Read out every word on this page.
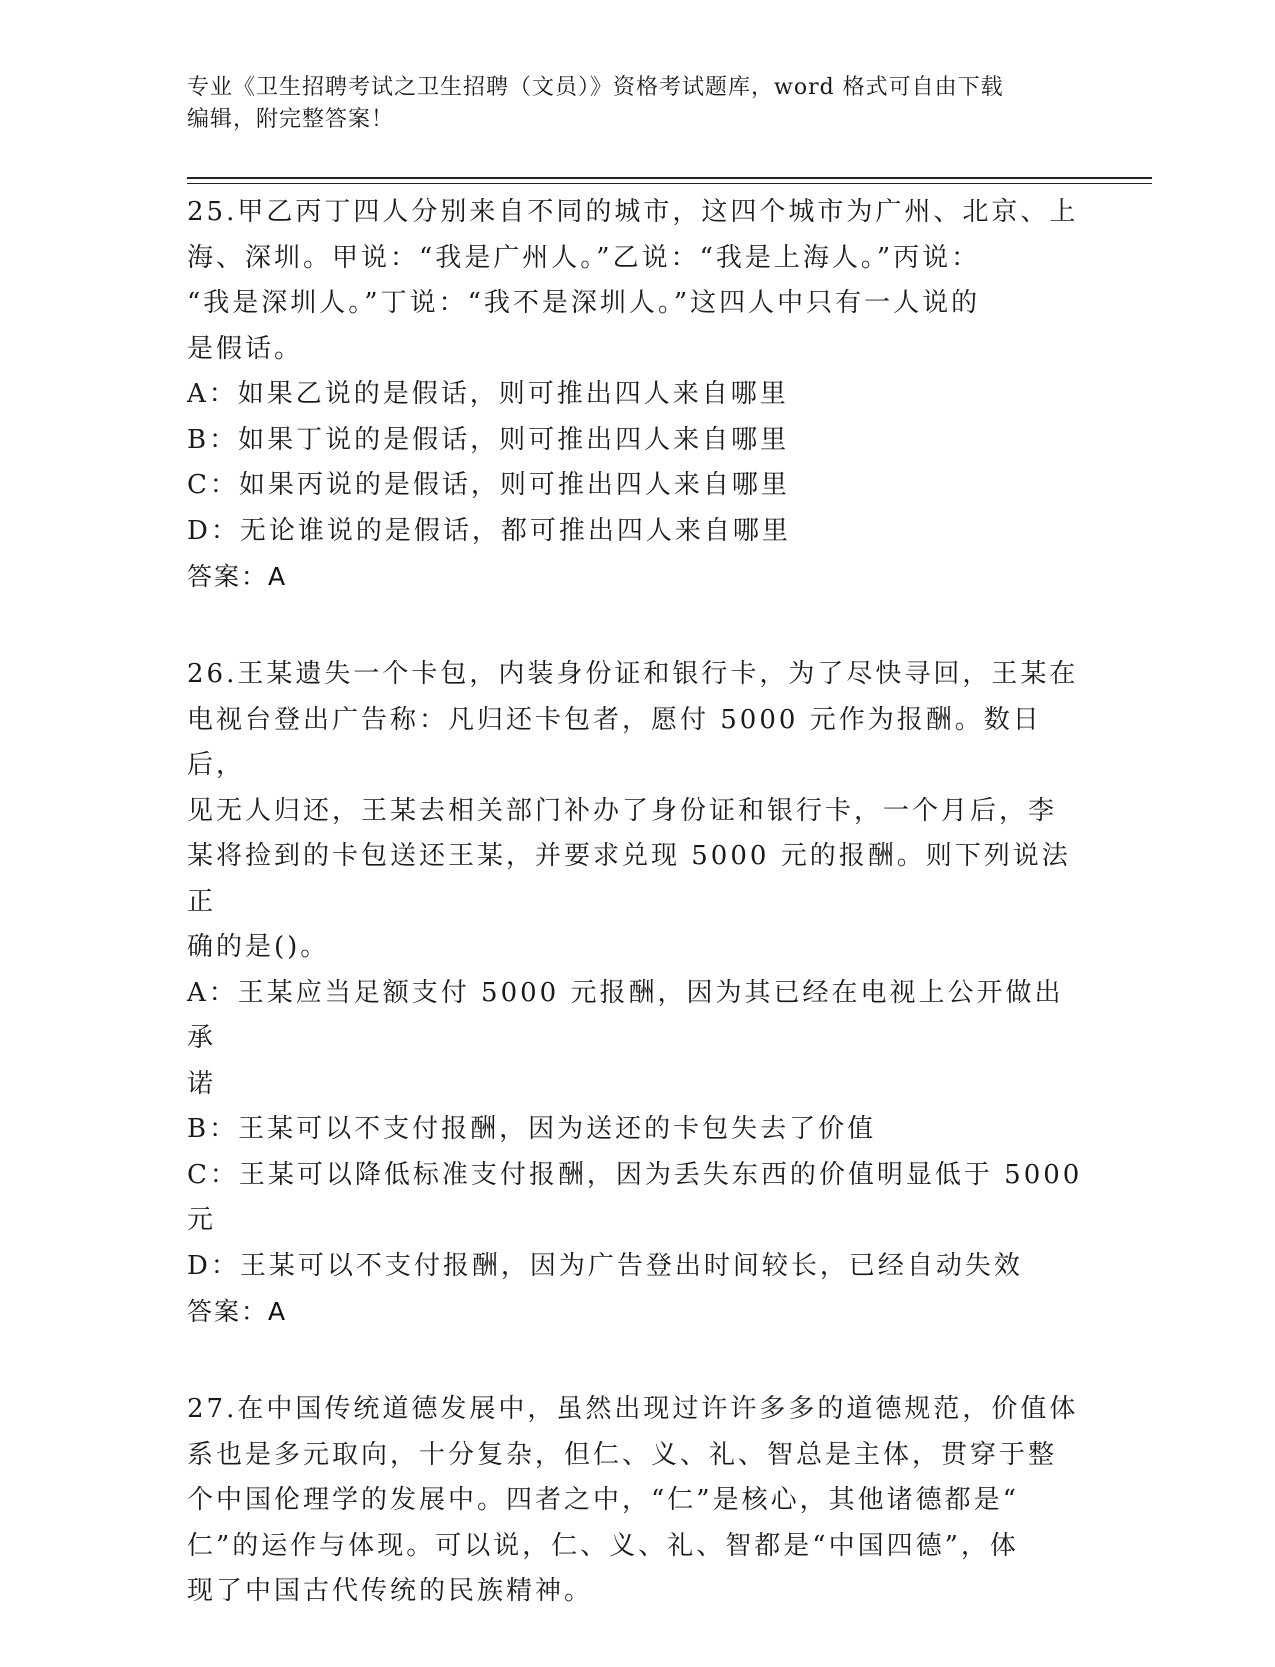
专业《卫生招聘考试之卫生招聘（文员）》资格考试题库，word 格式可自由下载
编辑，附完整答案！
25.甲乙丙丁四人分别来自不同的城市，这四个城市为广州、北京、上
海、深圳。甲说：“我是广州人。”乙说：“我是上海人。”丙说：
“我是深圳人。”丁说：“我不是深圳人。”这四人中只有一人说的
是假话。
A：如果乙说的是假话，则可推出四人来自哪里
B：如果丁说的是假话，则可推出四人来自哪里
C：如果丙说的是假话，则可推出四人来自哪里
D：无论谁说的是假话，都可推出四人来自哪里
答案：A
26.王某遗失一个卡包，内装身份证和银行卡，为了尽快寻回，王某在
电视台登出广告称：凡归还卡包者，愿付 5000 元作为报酬。数日后，
见无人归还，王某去相关部门补办了身份证和银行卡，一个月后，李
某将捡到的卡包送还王某，并要求兑现 5000 元的报酬。则下列说法正
确的是()。
A：王某应当足额支付 5000 元报酬，因为其已经在电视上公开做出承
诺
B：王某可以不支付报酬，因为送还的卡包失去了价值
C：王某可以降低标准支付报酬，因为丢失东西的价值明显低于 5000
元
D：王某可以不支付报酬，因为广告登出时间较长，已经自动失效
答案：A
27.在中国传统道德发展中，虽然出现过许许多多的道德规范，价值体
系也是多元取向，十分复杂，但仁、义、礼、智总是主体，贯穿于整
个中国伦理学的发展中。四者之中，“仁”是核心，其他诸德都是“
仁”的运作与体现。可以说，仁、义、礼、智都是“中国四德”，体
现了中国古代传统的民族精神。
